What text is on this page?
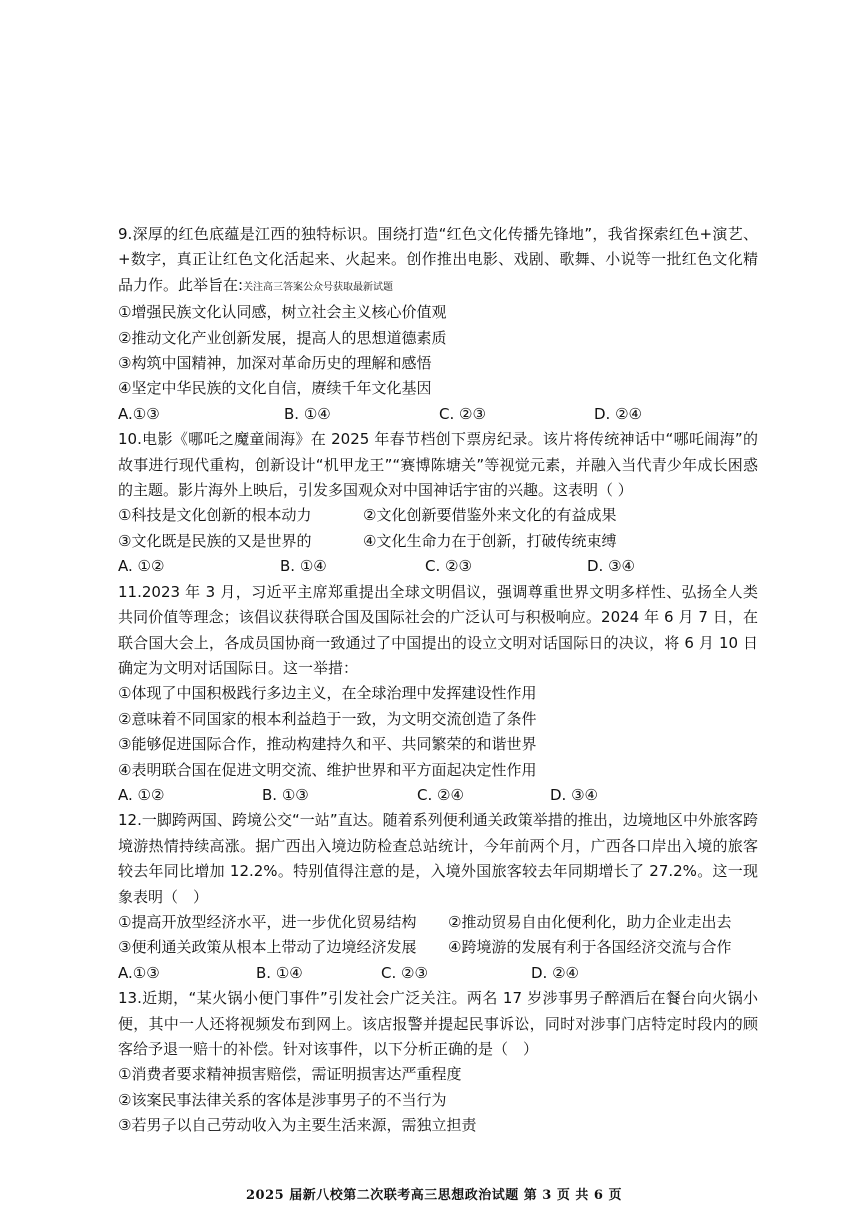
9.深厚的红色底蕴是江西的独特标识。围绕打造“红色文化传播先锋地”，我省探索红色+演艺、+数字，真正让红色文化活起来、火起来。创作推出电影、戏剧、歌舞、小说等一批红色文化精品力作。此举旨在:关注高三答案公众号获取最新试题

①增强民族文化认同感，树立社会主义核心价值观

②推动文化产业创新发展，提高人的思想道德素质

③构筑中国精神，加深对革命历史的理解和感悟

④坚定中华民族的文化自信，赓续千年文化基因

A.①③	B. ①④	C. ②③	D. ②④

10.电影《哪吒之魔童闹海》在 2025 年春节档创下票房纪录。该片将传统神话中“哪吒闹海”的故事进行现代重构，创新设计“机甲龙王”“赛博陈塘关”等视觉元素，并融入当代青少年成长困惑的主题。影片海外上映后，引发多国观众对中国神话宇宙的兴趣。这表明（ ）

①科技是文化创新的根本动力	②文化创新要借鉴外来文化的有益成果
③文化既是民族的又是世界的	④文化生命力在于创新，打破传统束缚
A. ①②	B. ①④	C. ②③	D. ③④

11.2023 年 3 月，习近平主席郑重提出全球文明倡议，强调尊重世界文明多样性、弘扬全人类共同价值等理念；该倡议获得联合国及国际社会的广泛认可与积极响应。2024 年 6 月 7 日，在联合国大会上，各成员国协商一致通过了中国提出的设立文明对话国际日的决议，将 6 月 10 日确定为文明对话国际日。这一举措：

①体现了中国积极践行多边主义，在全球治理中发挥建设性作用

②意味着不同国家的根本利益趋于一致，为文明交流创造了条件

③能够促进国际合作，推动构建持久和平、共同繁荣的和谐世界

④表明联合国在促进文明交流、维护世界和平方面起决定性作用

A. ①②	B. ①③	C. ②④	D. ③④

12.一脚跨两国、跨境公交“一站”直达。随着系列便利通关政策举措的推出，边境地区中外旅客跨境游热情持续高涨。据广西出入境边防检查总站统计，今年前两个月，广西各口岸出入境的旅客较去年同比增加 12.2%。特别值得注意的是，入境外国旅客较去年同期增长了 27.2%。这一现象表明（　）

①提高开放型经济水平，进一步优化贸易结构	②推动贸易自由化便利化，助力企业走出去
③便利通关政策从根本上带动了边境经济发展	④跨境游的发展有利于各国经济交流与合作
A.①③	B. ①④	C. ②③	D. ②④

13.近期，“某火锅小便门事件”引发社会广泛关注。两名 17 岁涉事男子醉酒后在餐台向火锅小便，其中一人还将视频发布到网上。该店报警并提起民事诉讼，同时对涉事门店特定时段内的顾客给予退一赔十的补偿。针对该事件，以下分析正确的是（　）

①消费者要求精神损害赔偿，需证明损害达严重程度

②该案民事法律关系的客体是涉事男子的不当行为

③若男子以自己劳动收入为主要生活来源，需独立担责

2025 届新八校第二次联考高三思想政治试题 第 3 页 共 6 页
